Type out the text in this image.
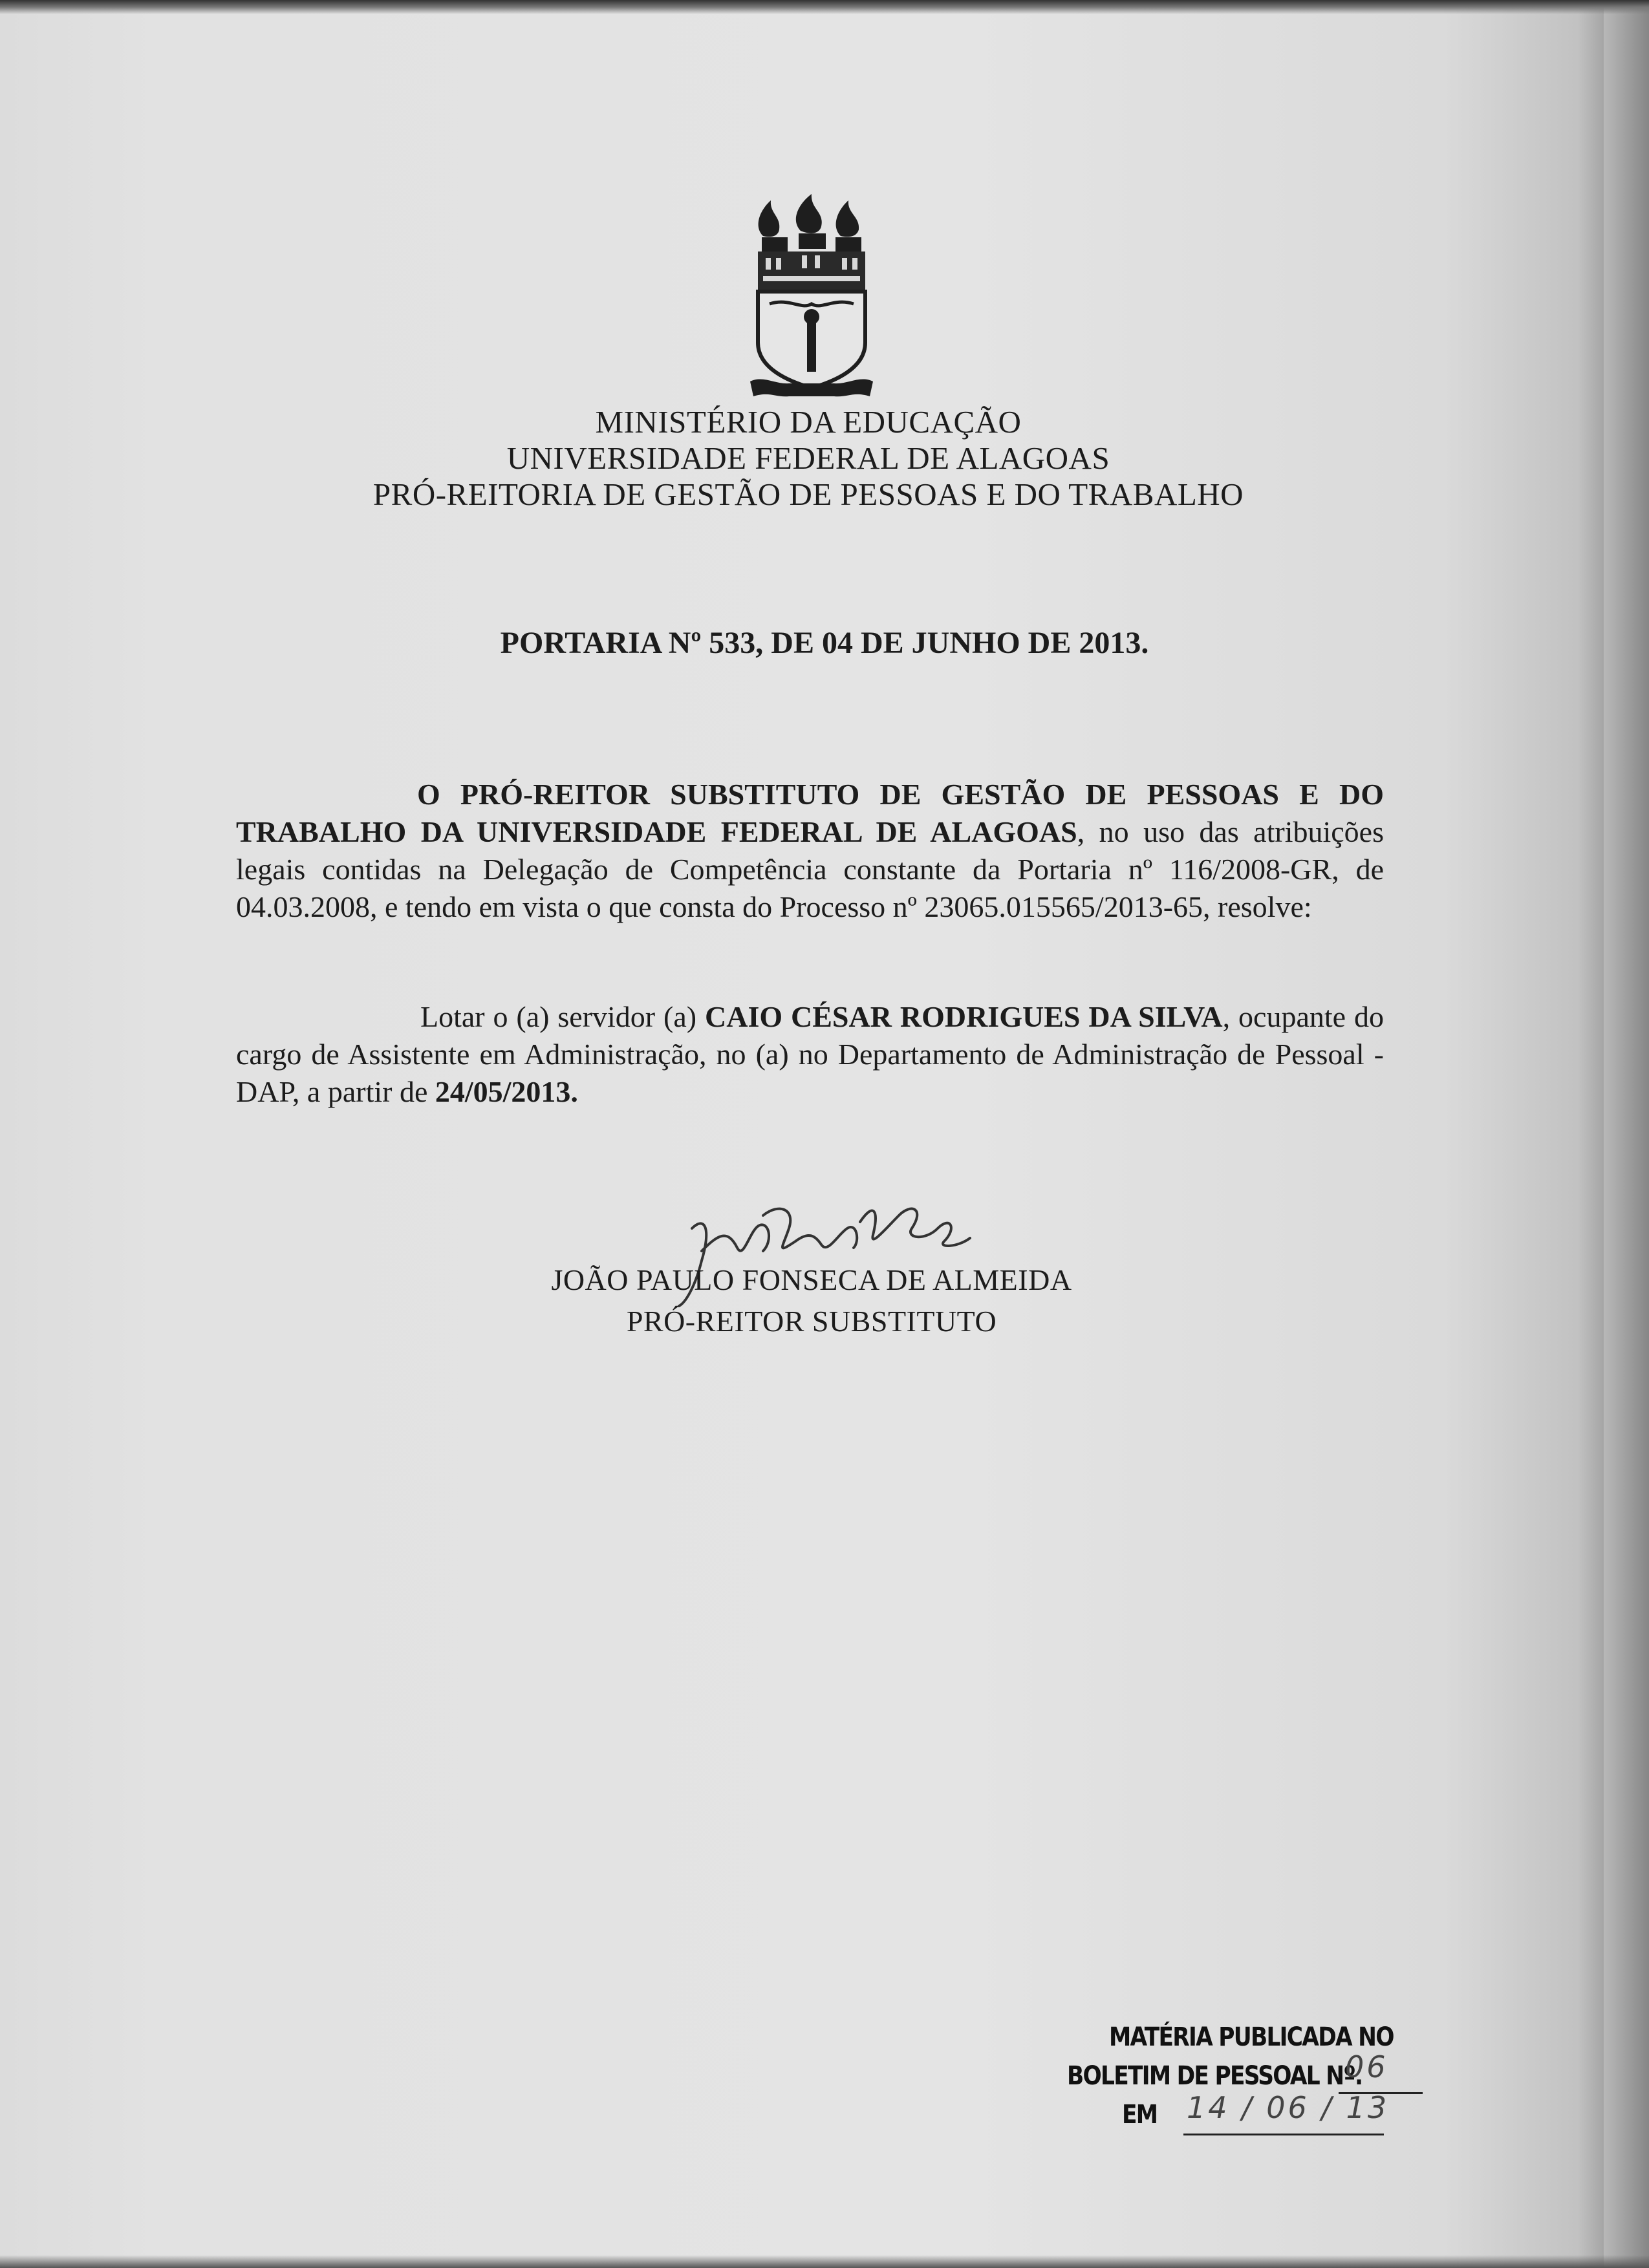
MINISTÉRIO DA EDUCAÇÃO
UNIVERSIDADE FEDERAL DE ALAGOAS
PRÓ-REITORIA DE GESTÃO DE PESSOAS E DO TRABALHO
PORTARIA Nº 533, DE 04 DE JUNHO DE 2013.
O PRÓ-REITOR SUBSTITUTO DE GESTÃO DE PESSOAS E DO TRABALHO DA UNIVERSIDADE FEDERAL DE ALAGOAS, no uso das atribuições legais contidas na Delegação de Competência constante da Portaria nº 116/2008-GR, de 04.03.2008, e tendo em vista o que consta do Processo nº 23065.015565/2013-65, resolve:
Lotar o (a) servidor (a) CAIO CÉSAR RODRIGUES DA SILVA, ocupante do cargo de Assistente em Administração, no (a) no Departamento de Administração de Pessoal - DAP, a partir de 24/05/2013.
JOÃO PAULO FONSECA DE ALMEIDA
PRÓ-REITOR SUBSTITUTO
MATÉRIA PUBLICADA NO
BOLETIM DE PESSOAL Nº.
EM
06
14 / 06 / 13
